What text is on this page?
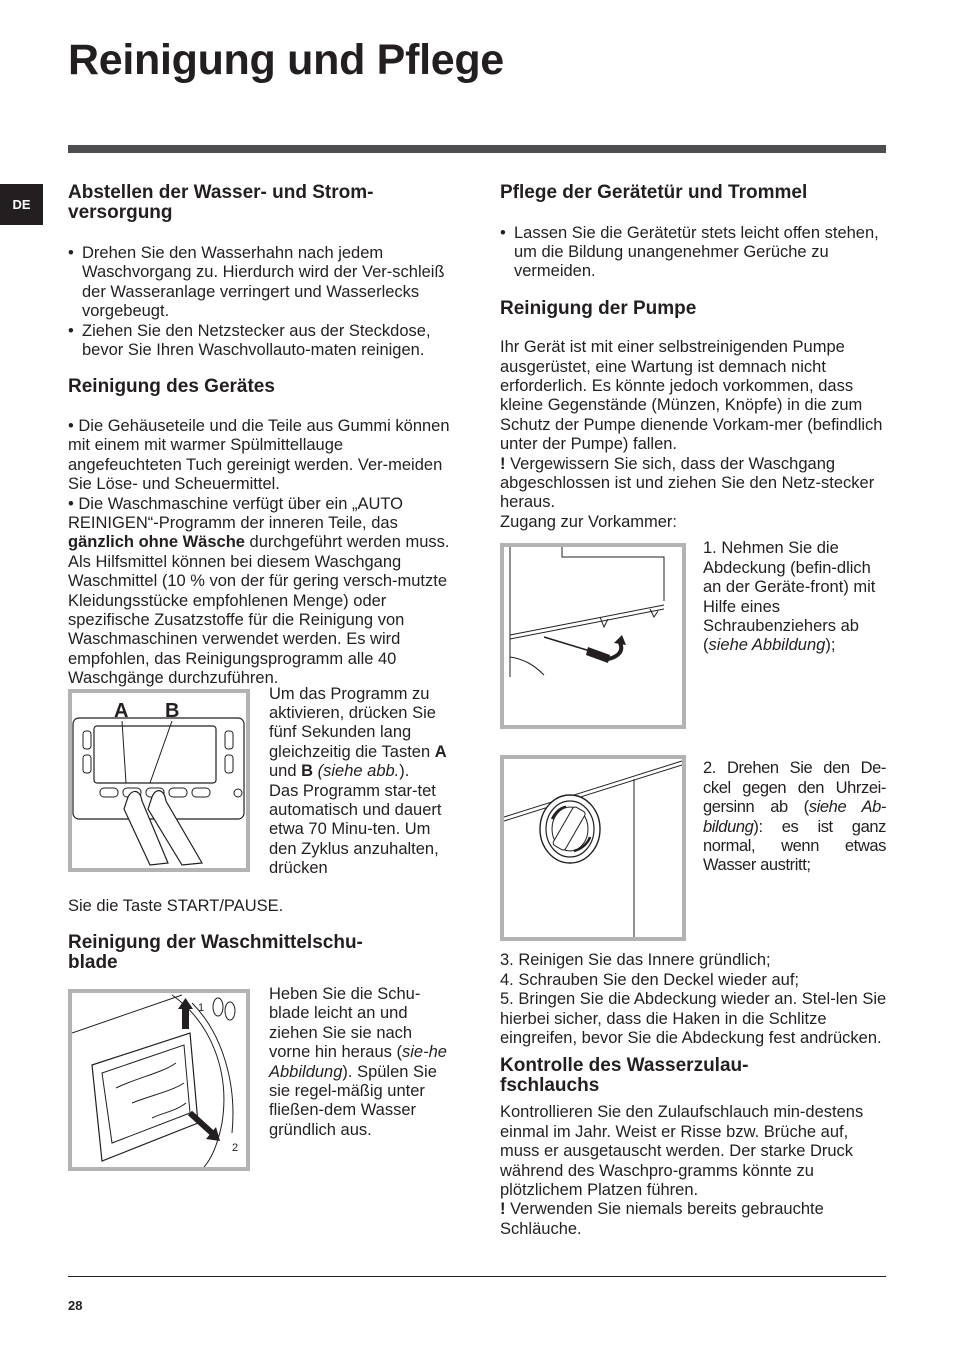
Reinigung und Pflege
DE
Abstellen der Wasser- und Strom-
versorgung

• Drehen Sie den Wasserhahn nach jedem Waschvorgang zu. Hierdurch wird der Ver-schleiß der Wasseranlage verringert und Wasserlecks vorgebeugt.

• Ziehen Sie den Netzstecker aus der Steckdose, bevor Sie Ihren Waschvollauto-maten reinigen.

Reinigung des Gerätes

• Die Gehäuseteile und die Teile aus Gummi können mit einem mit warmer Spülmittellauge angefeuchteten Tuch gereinigt werden. Ver-meiden Sie Löse- und Scheuermittel.

• Die Waschmaschine verfügt über ein „AUTO REINIGEN“-Programm der inneren Teile, das gänzlich ohne Wäsche durchgeführt werden muss.

Als Hilfsmittel können bei diesem Waschgang Waschmittel (10 % von der für gering versch-mutzte Kleidungsstücke empfohlenen Menge) oder spezifische Zusatzstoffe für die Reinigung von Waschmaschinen verwendet werden. Es wird empfohlen, das Reinigungsprogramm alle 40 Waschgänge durchzuführen.

A B
Um das Programm zu aktivieren, drücken Sie fünf Sekunden lang gleichzeitig die Tasten A und B (siehe abb.).
Das Programm star-tet automatisch und dauert etwa 70 Minu-ten. Um den Zyklus anzuhalten, drücken

Sie die Taste START/PAUSE.

Reinigung der Waschmittelschu-
blade
1
2
Heben Sie die Schu-blade leicht an und ziehen Sie sie nach vorne hin heraus (sie-he Abbildung). Spülen Sie sie regel-mäßig unter fließen-dem Wasser gründlich aus.
Pflege der Gerätetür und Trommel

• Lassen Sie die Gerätetür stets leicht offen stehen, um die Bildung unangenehmer Gerüche zu vermeiden.

Reinigung der Pumpe

Ihr Gerät ist mit einer selbstreinigenden Pumpe ausgerüstet, eine Wartung ist demnach nicht erforderlich. Es könnte jedoch vorkommen, dass kleine Gegenstände (Münzen, Knöpfe) in die zum Schutz der Pumpe dienende Vorkam-mer (befindlich unter der Pumpe) fallen.

! Vergewissern Sie sich, dass der Waschgang abgeschlossen ist und ziehen Sie den Netz-stecker heraus.

Zugang zur Vorkammer:

1. Nehmen Sie die Abdeckung (befin-dlich an der Geräte-front) mit Hilfe eines Schraubenziehers ab (siehe Abbildung);
2. Drehen Sie den De-ckel gegen den Uhrzei-gersinn ab (siehe Ab-bildung): es ist ganz normal, wenn etwas Wasser austritt;

3. Reinigen Sie das Innere gründlich;

4. Schrauben Sie den Deckel wieder auf;

5. Bringen Sie die Abdeckung wieder an. Stel-len Sie hierbei sicher, dass die Haken in die Schlitze eingreifen, bevor Sie die Abdeckung fest andrücken.

Kontrolle des Wasserzulau-
fschlauchs

Kontrollieren Sie den Zulaufschlauch min-destens einmal im Jahr. Weist er Risse bzw. Brüche auf, muss er ausgetauscht werden. Der starke Druck während des Waschpro-gramms könnte zu plötzlichem Platzen führen.

! Verwenden Sie niemals bereits gebrauchte Schläuche.

28
